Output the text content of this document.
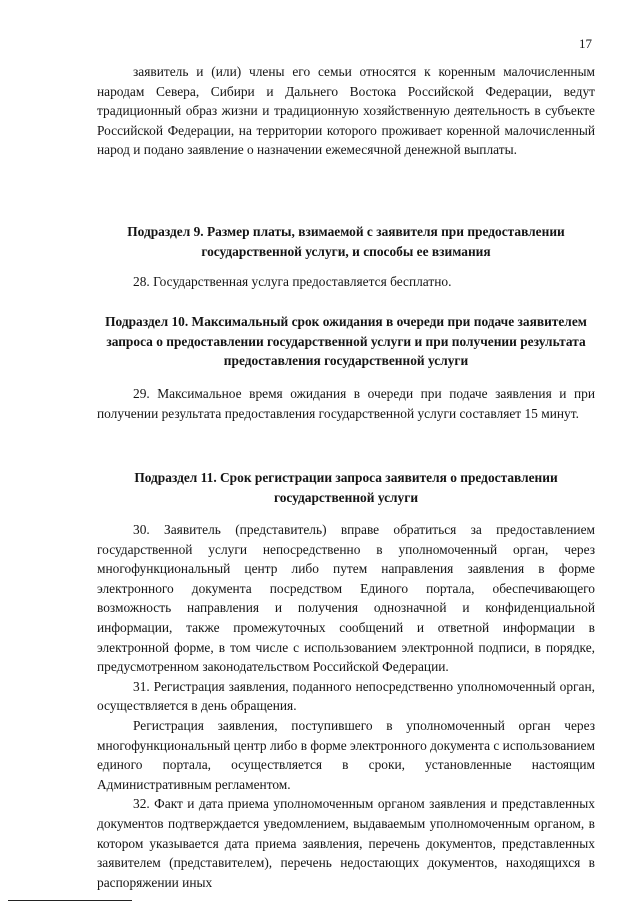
17

заявитель и (или) члены его семьи относятся к коренным малочисленным народам Севера, Сибири и Дальнего Востока Российской Федерации, ведут традиционный образ жизни и традиционную хозяйственную деятельность в субъекте Российской Федерации, на территории которого проживает коренной малочисленный народ и подано заявление о назначении ежемесячной денежной выплаты.

Подраздел 9. Размер платы, взимаемой с заявителя при предоставлении государственной услуги, и способы ее взимания

28. Государственная услуга предоставляется бесплатно.

Подраздел 10. Максимальный срок ожидания в очереди при подаче заявителем запроса о предоставлении государственной услуги и при получении результата предоставления государственной услуги

29. Максимальное время ожидания в очереди при подаче заявления и при получении результата предоставления государственной услуги составляет 15 минут.

Подраздел 11. Срок регистрации запроса заявителя о предоставлении государственной услуги

30. Заявитель (представитель) вправе обратиться за предоставлением государственной услуги непосредственно в уполномоченный орган, через многофункциональный центр либо путем направления заявления в форме электронного документа посредством Единого портала, обеспечивающего возможность направления и получения однозначной и конфиденциальной информации, также промежуточных сообщений и ответной информации в электронной форме, в том числе с использованием электронной подписи, в порядке, предусмотренном законодательством Российской Федерации.

31. Регистрация заявления, поданного непосредственно уполномоченный орган, осуществляется в день обращения.

Регистрация заявления, поступившего в уполномоченный орган через многофункциональный центр либо в форме электронного документа с использованием единого портала, осуществляется в сроки, установленные настоящим Административным регламентом.

32. Факт и дата приема уполномоченным органом заявления и представленных документов подтверждается уведомлением, выдаваемым уполномоченным органом, в котором указывается дата приема заявления, перечень документов, представленных заявителем (представителем), перечень недостающих документов, находящихся в распоряжении иных
